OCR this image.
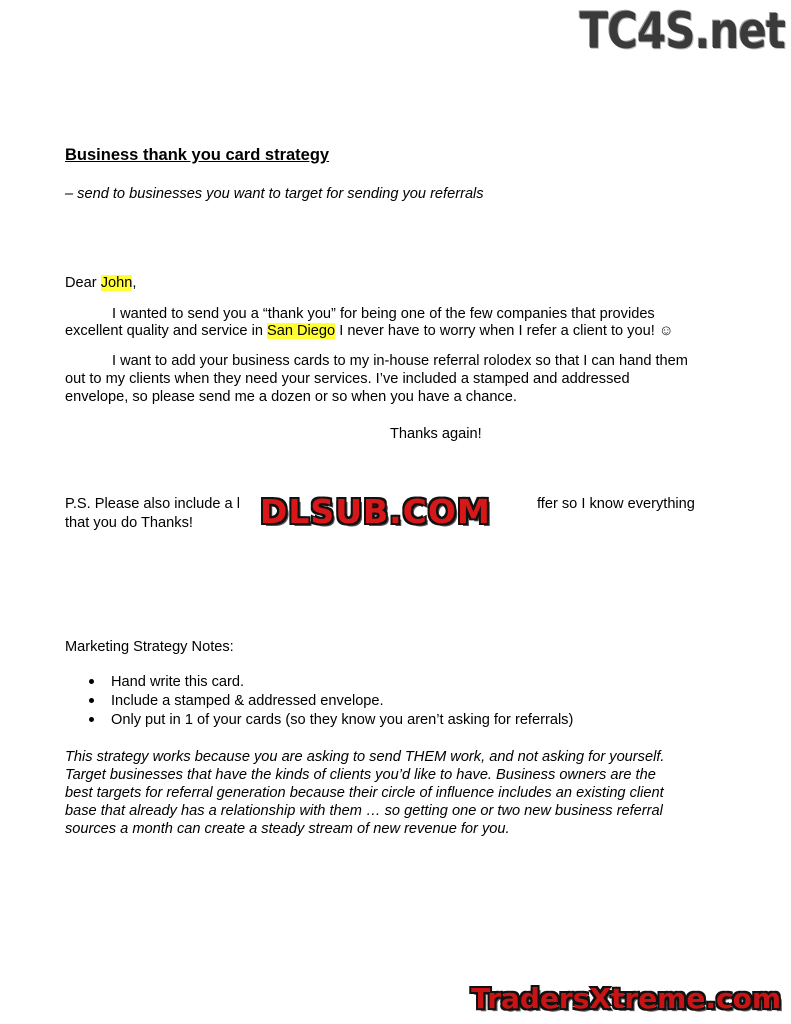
TC4S.net
Business thank you card strategy
– send to businesses you want to target for sending you referrals
Dear John,
I wanted to send you a “thank you” for being one of the few companies that provides
excellent quality and service in San Diego I never have to worry when I refer a client to you! ☺
I want to add your business cards to my in-house referral rolodex so that I can hand them
out to my clients when they need your services. I’ve included a stamped and addressed
envelope, so please send me a dozen or so when you have a chance.
Thanks again!
P.S. Please also include a l	ffer so I know everything
that you do Thanks! DLSUB.COM
Marketing Strategy Notes:
Hand write this card.
Include a stamped & addressed envelope.
Only put in 1 of your cards (so they know you aren’t asking for referrals)
This strategy works because you are asking to send THEM work, and not asking for yourself.
Target businesses that have the kinds of clients you’d like to have. Business owners are the
best targets for referral generation because their circle of influence includes an existing client
base that already has a relationship with them … so getting one or two new business referral
sources a month can create a steady stream of new revenue for you.
TradersXtreme.com
